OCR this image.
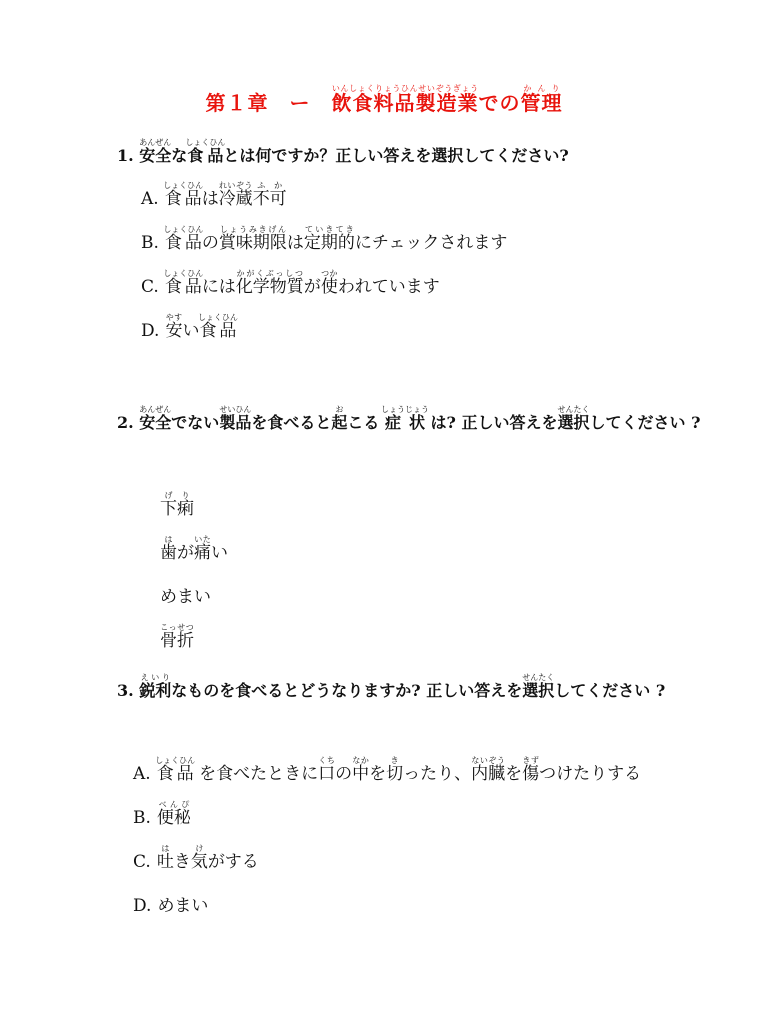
第１章　ー　飲食料品製造業いんしょくりょうひんせいぞうぎょうでの管理かんり
1. 安全あんぜんな食品しょくひんとは何ですか？正しい答えを選択してください?
A. 食品しょくひんは冷蔵れいぞう不可ふか
B. 食品しょくひんの賞味期限しょうみきげんは定期的ていきてきにチェックされます
C. 食品しょくひんには化学物質かがくぶっしつが使つかわれています
D. 安やすい食品しょくひん
2. 安全あんぜんでない製品せいひんを食べると起おこる 症状しょうじょう は? 正しい答えを選択せんたくしてください ?
下痢げり
歯はが痛いたい
めまい
骨折こっせつ
3. 鋭利えいりなものを食べるとどうなりますか? 正しい答えを選択せんたくしてください ?
A. 食品しょくひん を食べたときに口くちの中なかを切きったり、内臓ないぞうを傷きずつけたりする
B. 便秘べんぴ
C. 吐はき気けがする
D. めまい
